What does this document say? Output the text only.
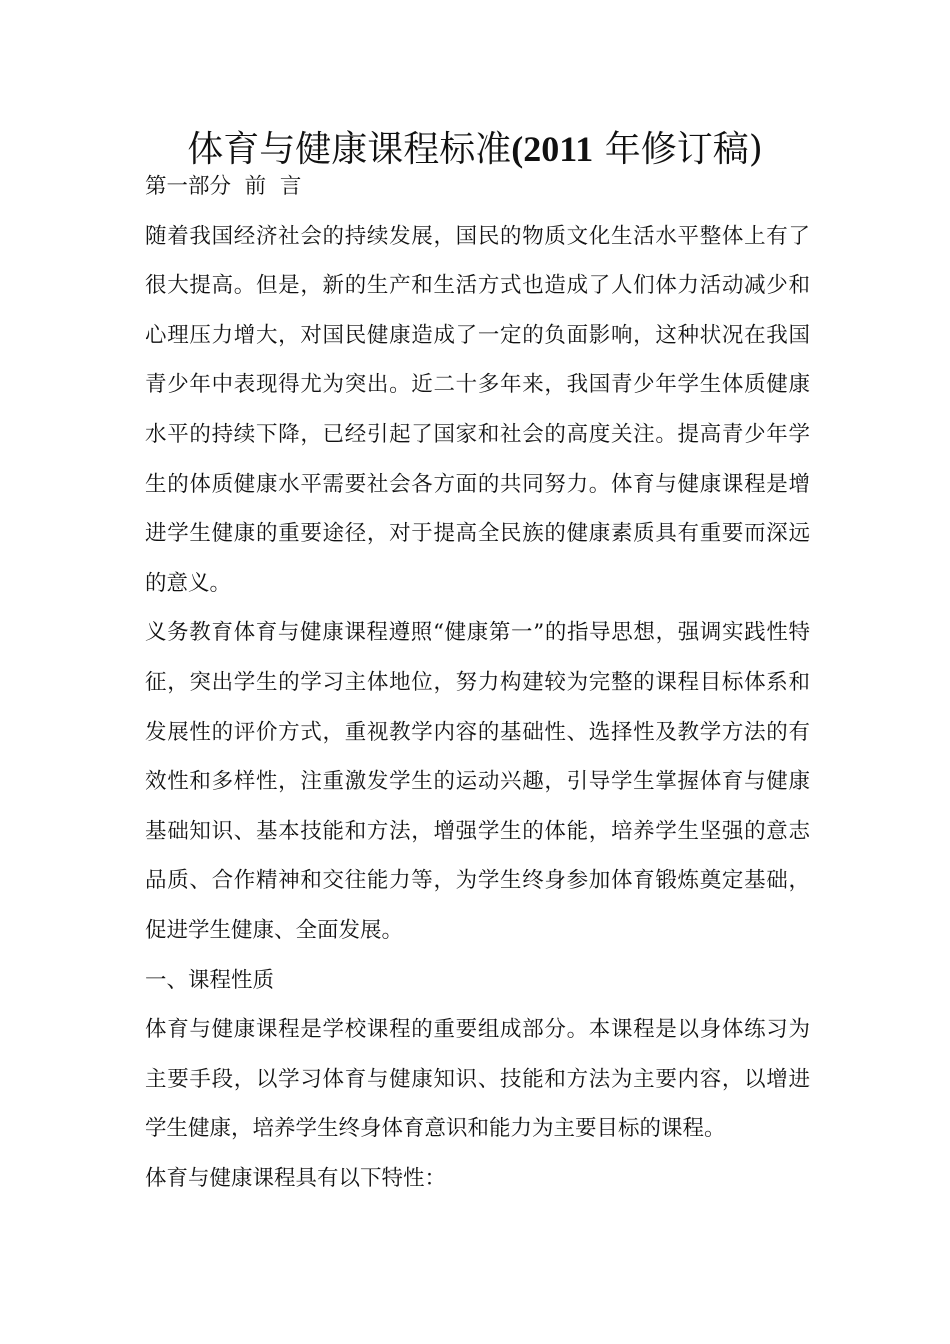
体育与健康课程标准(2011 年修订稿)

第一部分  前  言

随着我国经济社会的持续发展，国民的物质文化生活水平整体上有了很大提高。但是，新的生产和生活方式也造成了人们体力活动减少和心理压力增大，对国民健康造成了一定的负面影响，这种状况在我国青少年中表现得尤为突出。近二十多年来，我国青少年学生体质健康水平的持续下降，已经引起了国家和社会的高度关注。提高青少年学生的体质健康水平需要社会各方面的共同努力。体育与健康课程是增进学生健康的重要途径，对于提高全民族的健康素质具有重要而深远的意义。

义务教育体育与健康课程遵照“健康第一”的指导思想，强调实践性特征，突出学生的学习主体地位，努力构建较为完整的课程目标体系和发展性的评价方式，重视教学内容的基础性、选择性及教学方法的有效性和多样性，注重激发学生的运动兴趣，引导学生掌握体育与健康基础知识、基本技能和方法，增强学生的体能，培养学生坚强的意志品质、合作精神和交往能力等，为学生终身参加体育锻炼奠定基础，促进学生健康、全面发展。

一、课程性质

体育与健康课程是学校课程的重要组成部分。本课程是以身体练习为主要手段，以学习体育与健康知识、技能和方法为主要内容，以增进学生健康，培养学生终身体育意识和能力为主要目标的课程。

体育与健康课程具有以下特性：
